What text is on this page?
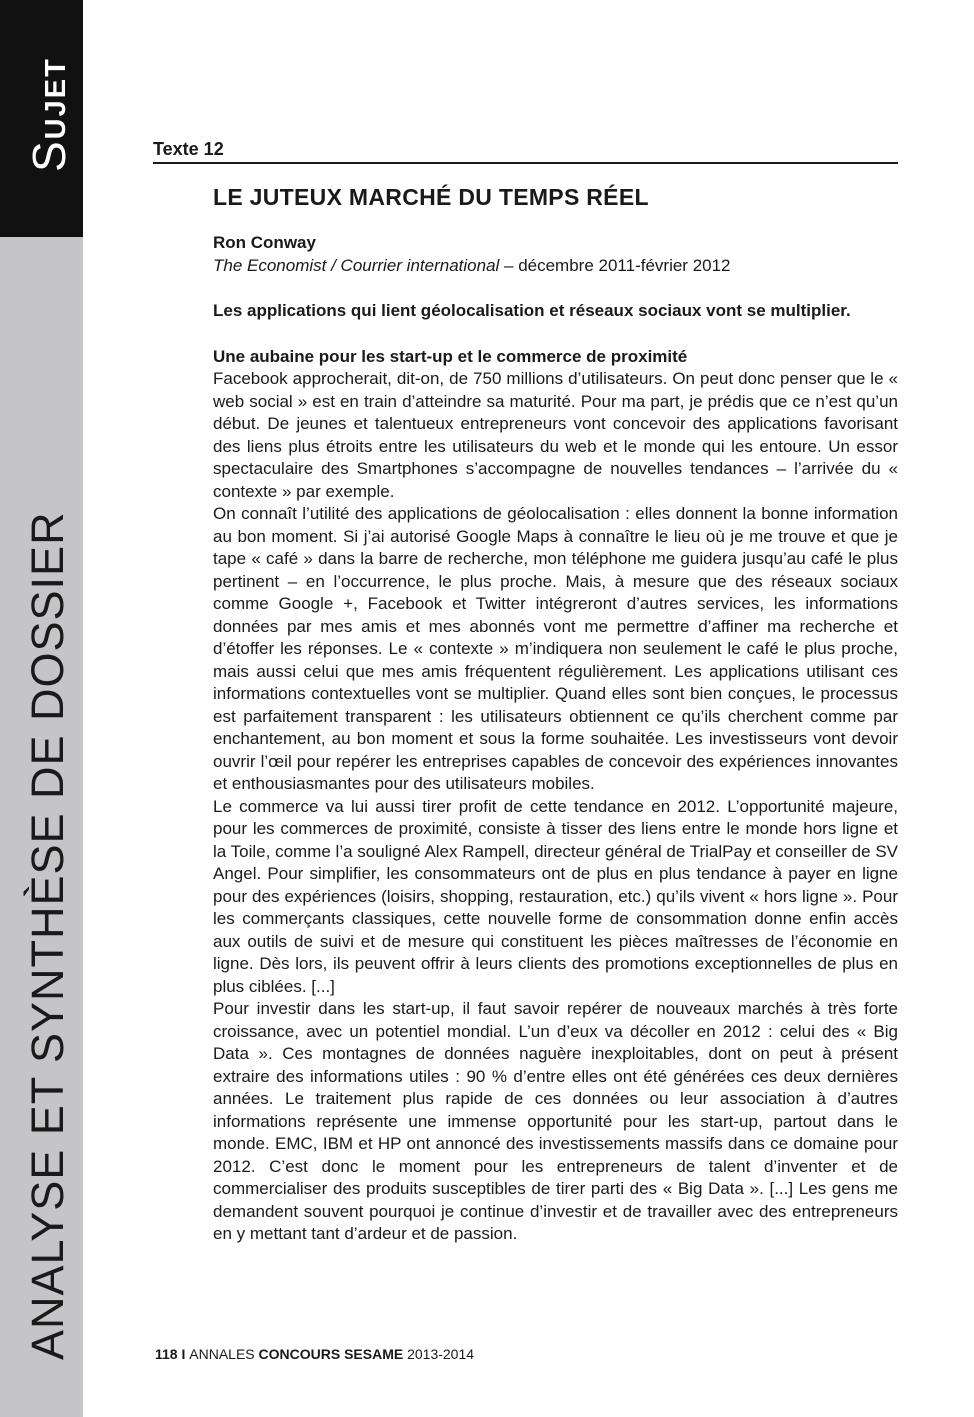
SUJET
ANALYSE ET SYNTHÈSE DE DOSSIER
Texte 12
LE JUTEUX MARCHÉ DU TEMPS RÉEL
Ron Conway
The Economist / Courrier international – décembre 2011-février 2012
Les applications qui lient géolocalisation et réseaux sociaux vont se multiplier.
Une aubaine pour les start-up et le commerce de proximité

Facebook approcherait, dit-on, de 750 millions d’utilisateurs. On peut donc penser que le « web social » est en train d’atteindre sa maturité. Pour ma part, je prédis que ce n’est qu’un début. De jeunes et talentueux entrepreneurs vont concevoir des applications favorisant des liens plus étroits entre les utilisateurs du web et le monde qui les entoure. Un essor spectaculaire des Smartphones s’accompagne de nouvelles tendances – l’arrivée du « contexte » par exemple.

On connaît l’utilité des applications de géolocalisation : elles donnent la bonne information au bon moment. Si j’ai autorisé Google Maps à connaître le lieu où je me trouve et que je tape « café » dans la barre de recherche, mon téléphone me guidera jusqu’au café le plus pertinent – en l’occurrence, le plus proche. Mais, à mesure que des réseaux sociaux comme Google +, Facebook et Twitter intégreront d’autres services, les informations données par mes amis et mes abonnés vont me permettre d’affiner ma recherche et d’étoffer les réponses. Le « contexte » m’indiquera non seulement le café le plus proche, mais aussi celui que mes amis fréquentent régulièrement. Les applications utilisant ces informations contextuelles vont se multiplier. Quand elles sont bien conçues, le processus est parfaitement transparent : les utilisateurs obtiennent ce qu’ils cherchent comme par enchantement, au bon moment et sous la forme souhaitée. Les investisseurs vont devoir ouvrir l’œil pour repérer les entreprises capables de concevoir des expériences innovantes et enthousiasmantes pour des utilisateurs mobiles.

Le commerce va lui aussi tirer profit de cette tendance en 2012. L’opportunité majeure, pour les commerces de proximité, consiste à tisser des liens entre le monde hors ligne et la Toile, comme l’a souligné Alex Rampell, directeur général de TrialPay et conseiller de SV Angel. Pour simplifier, les consommateurs ont de plus en plus tendance à payer en ligne pour des expériences (loisirs, shopping, restauration, etc.) qu’ils vivent « hors ligne ». Pour les commerçants classiques, cette nouvelle forme de consommation donne enfin accès aux outils de suivi et de mesure qui constituent les pièces maîtresses de l’économie en ligne. Dès lors, ils peuvent offrir à leurs clients des promotions exceptionnelles de plus en plus ciblées. [...]

Pour investir dans les start-up, il faut savoir repérer de nouveaux marchés à très forte croissance, avec un potentiel mondial. L’un d’eux va décoller en 2012 : celui des « Big Data ». Ces montagnes de données naguère inexploitables, dont on peut à présent extraire des informations utiles : 90 % d’entre elles ont été générées ces deux dernières années. Le traitement plus rapide de ces données ou leur association à d’autres informations représente une immense opportunité pour les start-up, partout dans le monde. EMC, IBM et HP ont annoncé des investissements massifs dans ce domaine pour 2012. C’est donc le moment pour les entrepreneurs de talent d’inventer et de commercialiser des produits susceptibles de tirer parti des « Big Data ». [...] Les gens me demandent souvent pourquoi je continue d’investir et de travailler avec des entrepreneurs en y mettant tant d’ardeur et de passion.

118 I ANNALES CONCOURS SESAME 2013-2014
